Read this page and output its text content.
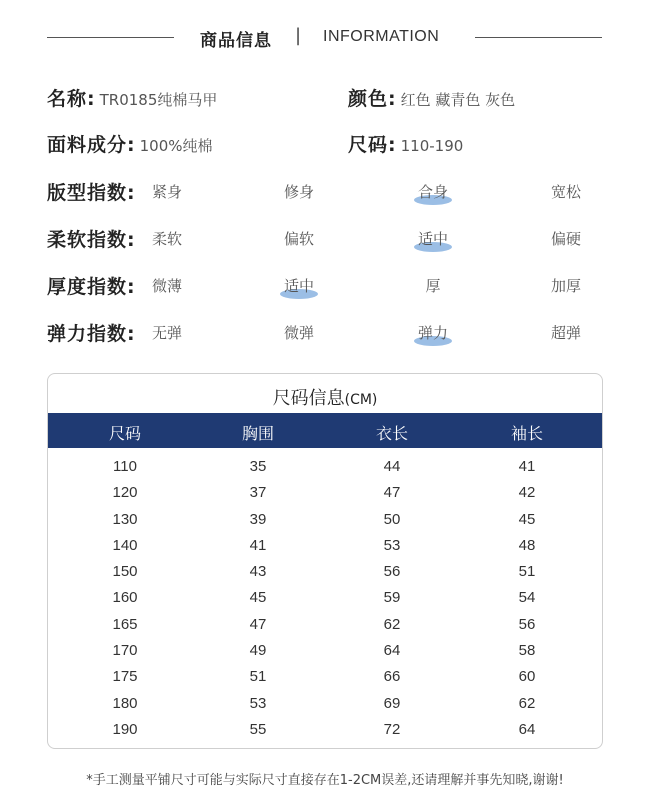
商品信息 | INFORMATION
名称: TR0185纯棉马甲	颜色: 红色 藏青色 灰色
面料成分: 100%纯棉	尺码: 110-190
版型指数: 紧身	修身	合身	宽松
柔软指数: 柔软	偏软	适中	偏硬
厚度指数: 微薄	适中	厚	加厚
弹力指数: 无弹	微弹	弹力	超弹
尺码信息(CM)
尺码	胸围	衣长	袖长
110	35	44	41
120	37	47	42
130	39	50	45
140	41	53	48
150	43	56	51
160	45	59	54
165	47	62	56
170	49	64	58
175	51	66	60
180	53	69	62
190	55	72	64
*手工测量平铺尺寸可能与实际尺寸直接存在1-2CM误差,还请理解并事先知晓,谢谢!
